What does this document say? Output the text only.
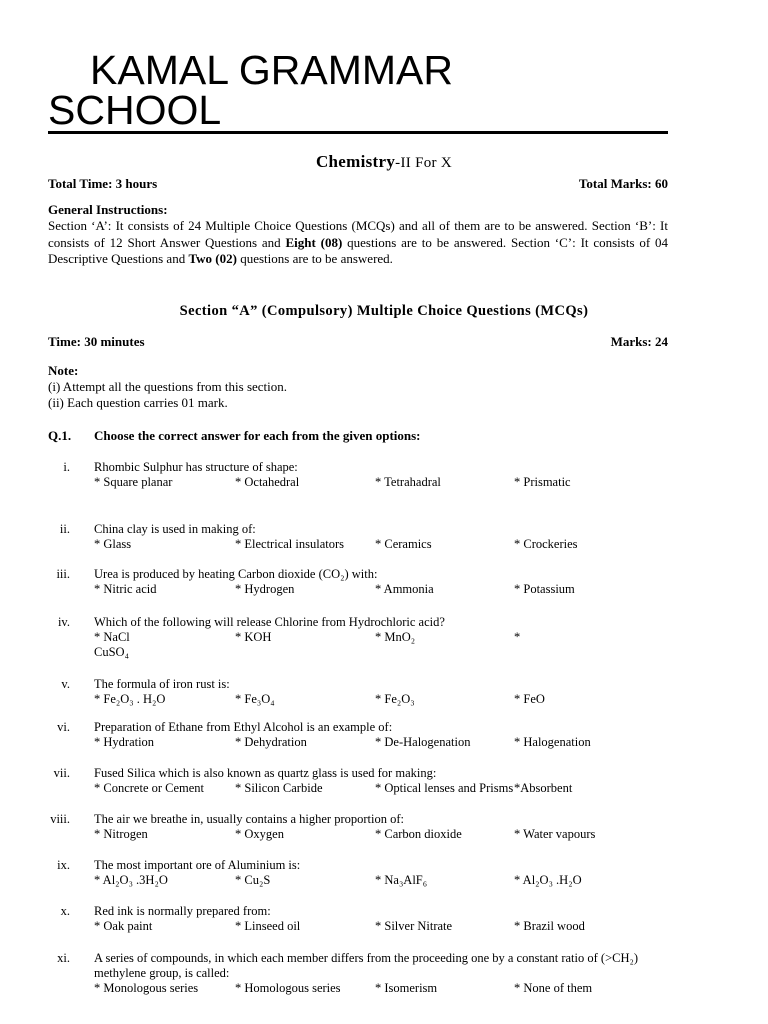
KAMAL GRAMMAR
SCHOOL
Chemistry-II For X
Total Time: 3 hours	Total Marks: 60
General Instructions:
Section ‘A’: It consists of 24 Multiple Choice Questions (MCQs) and all of them are to be answered. Section ‘B’: It consists of 12 Short Answer Questions and Eight (08) questions are to be answered. Section ‘C’: It consists of 04 Descriptive Questions and Two (02) questions are to be answered.
Section “A” (Compulsory) Multiple Choice Questions (MCQs)
Time: 30 minutes	Marks: 24
Note:
(i) Attempt all the questions from this section.
(ii) Each question carries 01 mark.
Q.1. Choose the correct answer for each from the given options:
i. Rhombic Sulphur has structure of shape:
* Square planar	* Octahedral	* Tetrahadral	* Prismatic
ii. China clay is used in making of:
* Glass	* Electrical insulators * Ceramics	* Crockeries
iii. Urea is produced by heating Carbon dioxide (CO₂) with:
* Nitric acid	* Hydrogen	* Ammonia	* Potassium
iv. Which of the following will release Chlorine from Hydrochloric acid?
* NaCl	* KOH	* MnO₂	*
CuSO₄
v. The formula of iron rust is:
* Fe₂O₃ . H₂O	* Fe₃O₄	* Fe₂O₃	* FeO
vi. Preparation of Ethane from Ethyl Alcohol is an example of:
* Hydration	* Dehydration	* De-Halogenation	* Halogenation
vii. Fused Silica which is also known as quartz glass is used for making:
* Concrete or Cement * Silicon Carbide	* Optical lenses and Prisms *Absorbent
viii. The air we breathe in, usually contains a higher proportion of:
* Nitrogen	* Oxygen	* Carbon dioxide	* Water vapours
ix. The most important ore of Aluminium is:
* Al₂O₃ .3H₂O	* Cu₂S	* Na₃AlF₆	* Al₂O₃ .H₂O
x. Red ink is normally prepared from:
* Oak paint	* Linseed oil	* Silver Nitrate	* Brazil wood
xi. A series of compounds, in which each member differs from the proceeding one by a constant ratio of (>CH₂) methylene group, is called:
* Monologous series	* Homologous series	* Isomerism	* None of them
